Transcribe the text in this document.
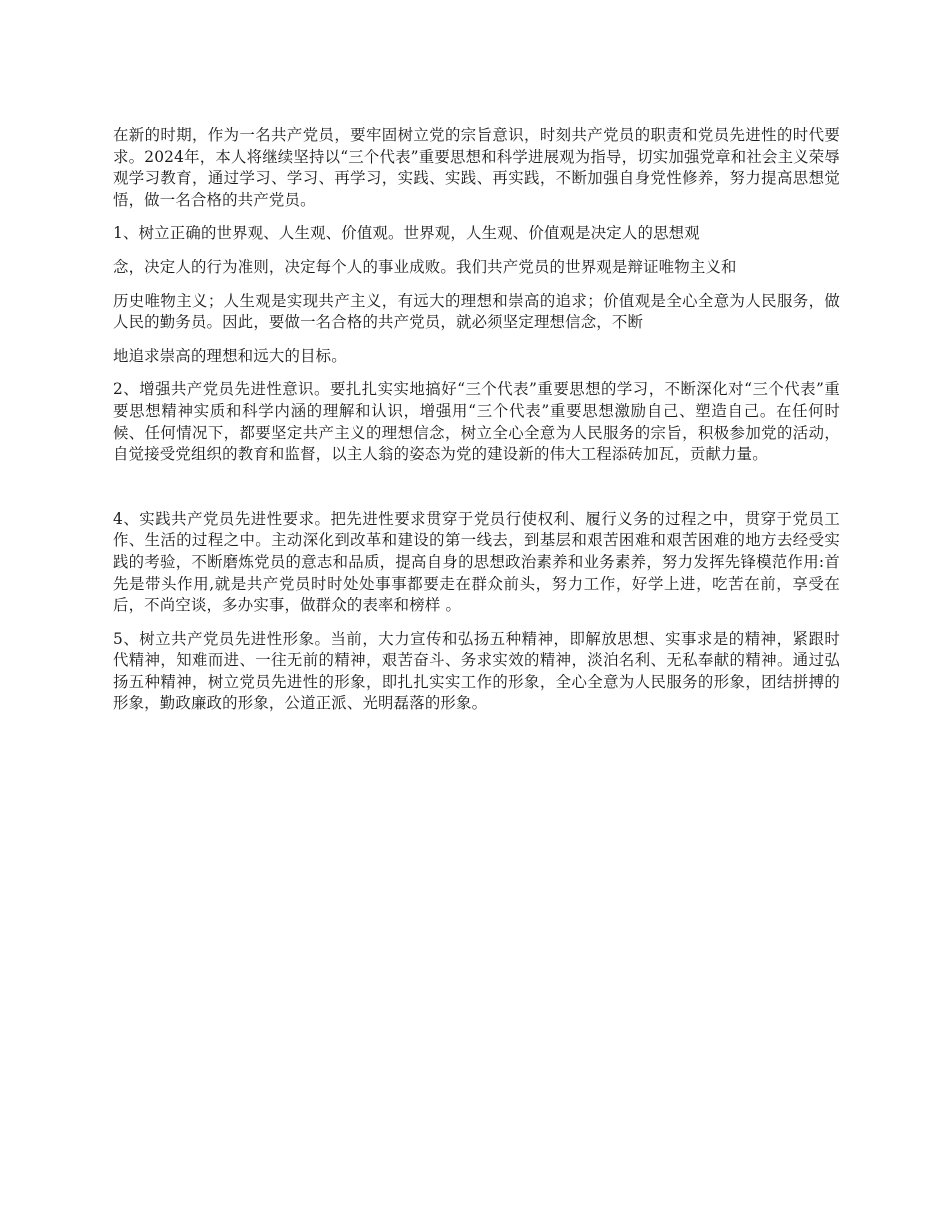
在新的时期，作为一名共产党员，要牢固树立党的宗旨意识，时刻共产党员的职责和党员先进性的时代要求。2024年，本人将继续坚持以“三个代表”重要思想和科学进展观为指导，切实加强党章和社会主义荣辱观学习教育，通过学习、学习、再学习，实践、实践、再实践，不断加强自身党性修养，努力提高思想觉悟，做一名合格的共产党员。

1、树立正确的世界观、人生观、价值观。世界观，人生观、价值观是决定人的思想观

念，决定人的行为准则，决定每个人的事业成败。我们共产党员的世界观是辩证唯物主义和

历史唯物主义；人生观是实现共产主义，有远大的理想和崇高的追求；价值观是全心全意为人民服务，做人民的勤务员。因此，要做一名合格的共产党员，就必须坚定理想信念，不断

地追求崇高的理想和远大的目标。

2、增强共产党员先进性意识。要扎扎实实地搞好“三个代表”重要思想的学习，不断深化对“三个代表”重要思想精神实质和科学内涵的理解和认识，增强用“三个代表”重要思想激励自己、塑造自己。在任何时候、任何情况下，都要坚定共产主义的理想信念，树立全心全意为人民服务的宗旨，积极参加党的活动，自觉接受党组织的教育和监督，以主人翁的姿态为党的建设新的伟大工程添砖加瓦，贡献力量。

4、实践共产党员先进性要求。把先进性要求贯穿于党员行使权利、履行义务的过程之中，贯穿于党员工作、生活的过程之中。主动深化到改革和建设的第一线去，到基层和艰苦困难和艰苦困难的地方去经受实践的考验，不断磨炼党员的意志和品质，提高自身的思想政治素养和业务素养，努力发挥先锋模范作用:首先是带头作用,就是共产党员时时处处事事都要走在群众前头，努力工作，好学上进，吃苦在前，享受在后，不尚空谈，多办实事，做群众的表率和榜样 。

5、树立共产党员先进性形象。当前，大力宣传和弘扬五种精神，即解放思想、实事求是的精神，紧跟时代精神，知难而进、一往无前的精神，艰苦奋斗、务求实效的精神，淡泊名利、无私奉献的精神。通过弘扬五种精神，树立党员先进性的形象，即扎扎实实工作的形象，全心全意为人民服务的形象，团结拼搏的形象，勤政廉政的形象，公道正派、光明磊落的形象。
